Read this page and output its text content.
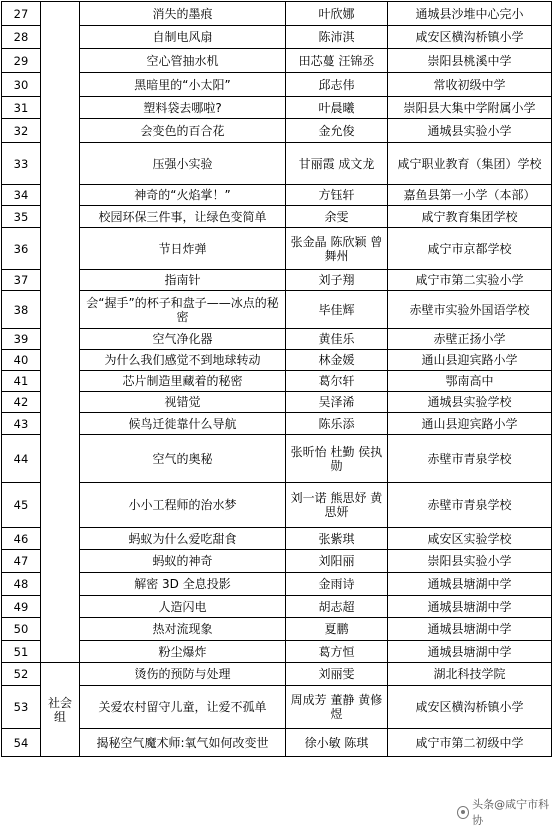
27		消失的墨痕	叶欣娜	通城县沙堆中心完小
28		自制电风扇	陈沛淇	咸安区横沟桥镇小学
29		空心管抽水机	田芯蔓 汪锦丞	崇阳县桃溪中学
30		黑暗里的“小太阳”	邱志伟	常收初级中学
31		塑料袋去哪啦?	叶晨曦	崇阳县大集中学附属小学
32		会变色的百合花	金允俊	通城县实验小学
33		压强小实验	甘丽霞 成文龙	咸宁职业教育（集团）学校
34		神奇的“火焰掌！”	方钰轩	嘉鱼县第一小学（本部）
35		校园环保三件事，让绿色变简单	余雯	咸宁教育集团学校
36		节日炸弹	张金晶 陈欣颖 曾舞州	咸宁市京都学校
37		指南针	刘子翔	咸宁市第二实验小学
38		会“握手”的杯子和盘子——冰点的秘密	毕佳辉	赤壁市实验外国语学校
39		空气净化器	黄佳乐	赤壁正扬小学
40		为什么我们感觉不到地球转动	林金媛	通山县迎宾路小学
41		芯片制造里藏着的秘密	葛尔轩	鄂南高中
42		视错觉	吴泽浠	通城县实验学校
43		候鸟迁徙靠什么导航	陈乐添	通山县迎宾路小学
44		空气的奥秘	张昕怡 杜勤 侯执勋	赤壁市青泉学校
45		小小工程师的治水梦	刘一诺 熊思妤 黄思妍	赤壁市青泉学校
46		蚂蚁为什么爱吃甜食	张紫琪	咸安区实验学校
47		蚂蚁的神奇	刘阳丽	崇阳县实验小学
48		解密 3D 全息投影	金雨诗	通城县塘湖中学
49		人造闪电	胡志超	通城县塘湖中学
50		热对流现象	夏鹏	通城县塘湖中学
51		粉尘爆炸	葛方恒	通城县塘湖中学
52	社会组	烫伤的预防与处理	刘丽雯	湖北科技学院
53		关爱农村留守儿童，让爱不孤单	周成芳 董静 黄修煜	咸安区横沟桥镇小学
54		揭秘空气魔术师:氧气如何改变世	徐小敏 陈琪	咸宁市第二初级中学
头条@咸宁市科协
